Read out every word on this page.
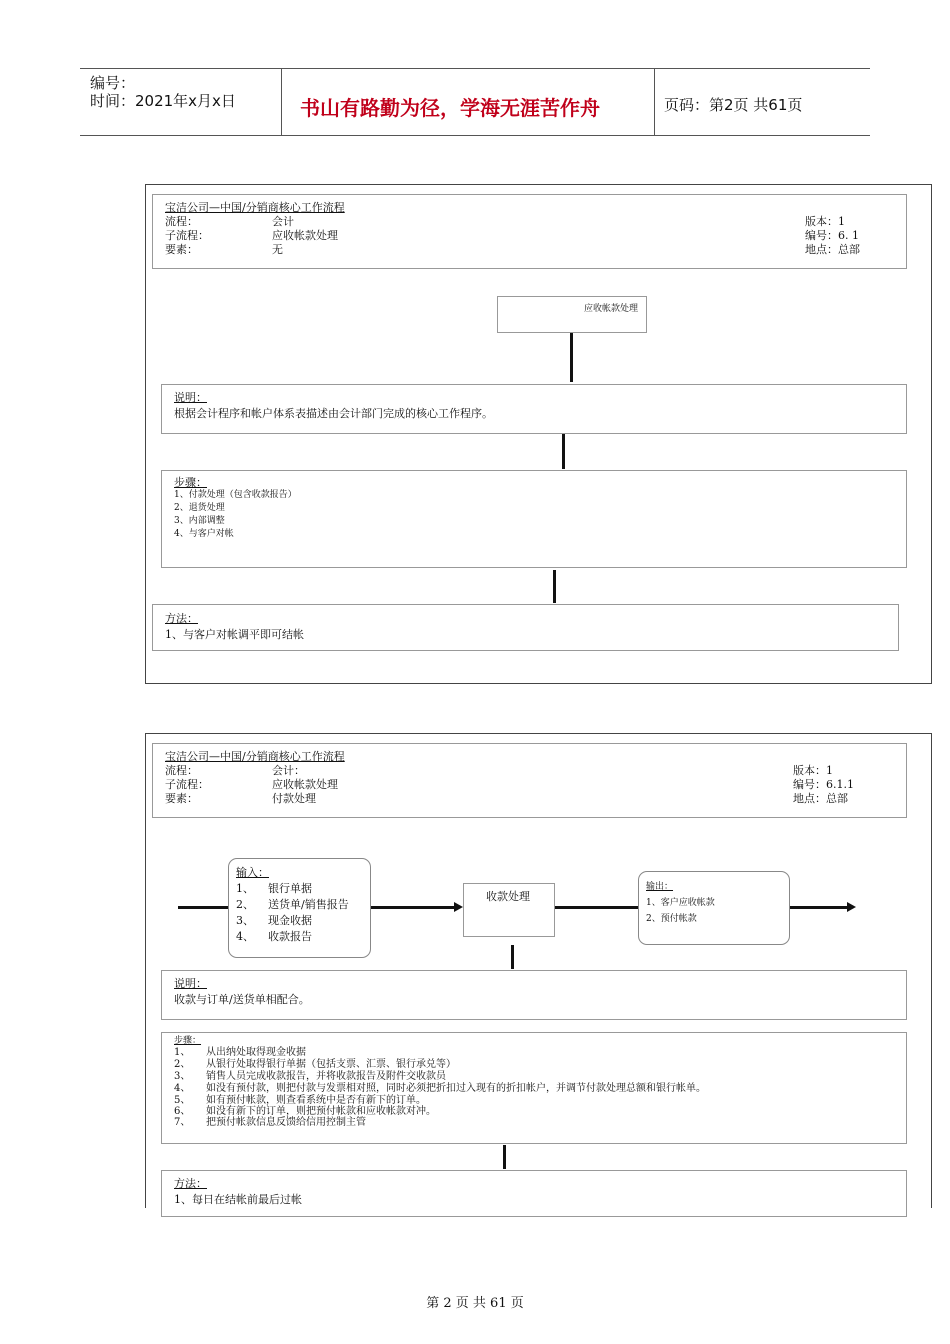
编号：
时间：2021年x月x日	书山有路勤为径，学海无涯苦作舟	页码：第2页 共61页
宝洁公司—中国/分销商核心工作流程
流程：	会计	版本：1
子流程：	应收帐款处理	编号：6. 1
要素：	无	地点：总部
应收帐款处理
说明：
根据会计程序和帐户体系表描述由会计部门完成的核心工作程序。
步骤：
1、付款处理（包含收款报告）
2、退货处理
3、内部调整
4、与客户对帐
方法：
1、与客户对帐调平即可结帐
宝洁公司—中国/分销商核心工作流程
流程：	会计：	版本：1
子流程：	应收帐款处理	编号：6.1.1
要素：	付款处理	地点：总部
输入：
1、 银行单据
2、 送货单/销售报告
3、 现金收据
4、 收款报告
收款处理
输出：
1、客户应收帐款
2、预付帐款
说明：
收款与订单/送货单相配合。
步骤：
1、 从出纳处取得现金收据
2、 从银行处取得银行单据（包括支票、汇票、银行承兑等）
3、 销售人员完成收款报告，并将收款报告及附件交收款员
4、 如没有预付款，则把付款与发票相对照，同时必须把折扣过入现有的折扣帐户，并调节付款处理总额和银行帐单。
5、 如有预付帐款，则查看系统中是否有新下的订单。
6、 如没有新下的订单，则把预付帐款和应收帐款对冲。
7、 把预付帐款信息反馈给信用控制主管
方法：
1、每日在结帐前最后过帐
第 2 页 共 61 页
